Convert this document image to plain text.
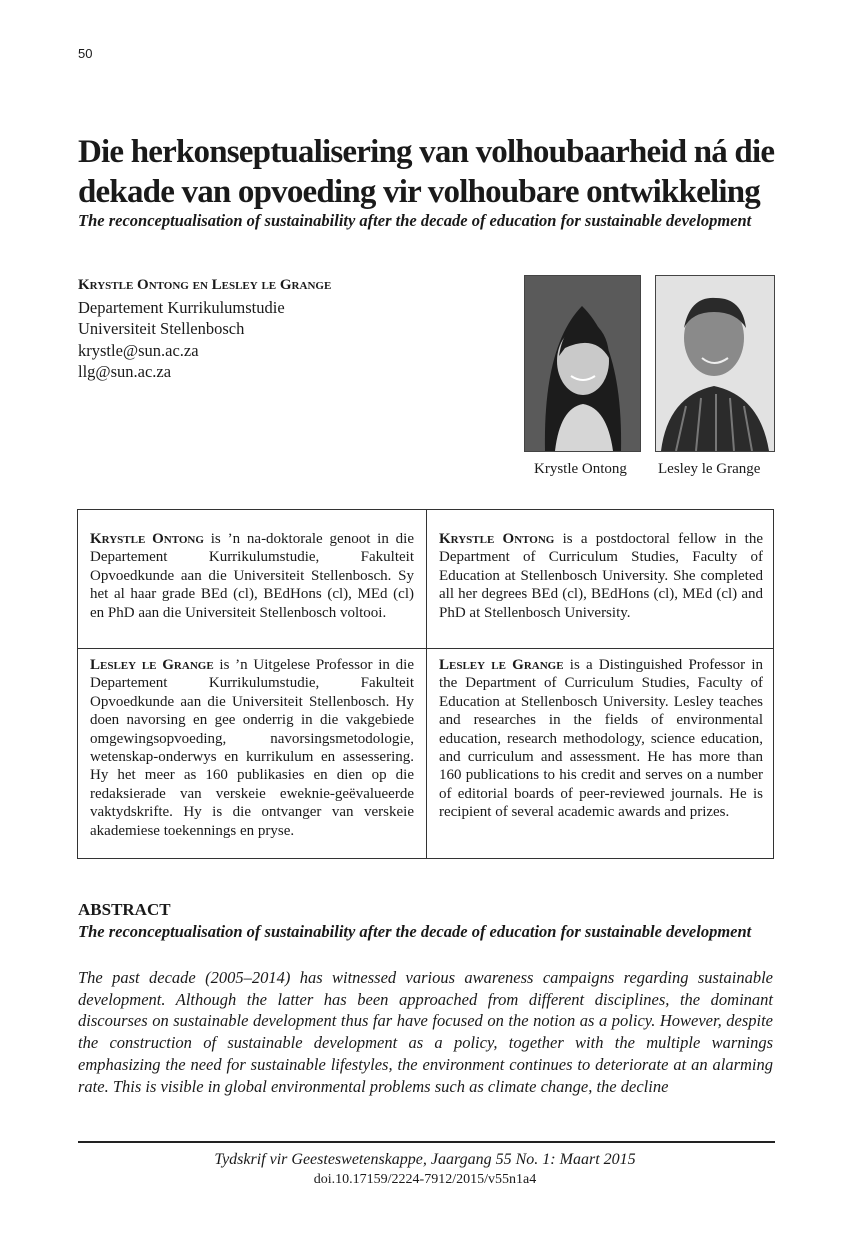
50
Die herkonseptualisering van volhoubaarheid ná die dekade van opvoeding vir volhoubare ontwikkeling

The reconceptualisation of sustainability after the decade of education for sustainable development

Krystle Ontong en Lesley le Grange
Departement Kurrikulumstudie
Universiteit Stellenbosch
krystle@sun.ac.za
llg@sun.ac.za
Krystle Ontong Lesley le Grange
Krystle Ontong is ’n na-doktorale genoot in die Departement Kurrikulumstudie, Fakulteit Opvoedkunde aan die Universiteit Stellenbosch. Sy het al haar grade BEd (cl), BEdHons (cl), MEd (cl) en PhD aan die Universiteit Stellenbosch voltooi.
Krystle Ontong is a postdoctoral fellow in the Department of Curriculum Studies, Faculty of Education at Stellenbosch University. She completed all her degrees BEd (cl), BEdHons (cl), MEd (cl) and PhD at Stellenbosch University.
Lesley le Grange is ’n Uitgelese Professor in die Departement Kurrikulumstudie, Fakulteit Opvoedkunde aan die Universiteit Stellenbosch. Hy doen navorsing en gee onderrig in die vakgebiede omgewingsopvoeding, navorsingsmetodologie, wetenskap-onderwys en kurrikulum en assessering. Hy het meer as 160 publikasies en dien op die redaksierade van verskeie eweknie-geëvalueerde vaktydskrifte. Hy is die ontvanger van verskeie akademiese toekennings en pryse.
Lesley le Grange is a Distinguished Professor in the Department of Curriculum Studies, Faculty of Education at Stellenbosch University. Lesley teaches and researches in the fields of environmental education, research methodology, science education, and curriculum and assessment. He has more than 160 publications to his credit and serves on a number of editorial boards of peer-reviewed journals. He is recipient of several academic awards and prizes.
ABSTRACT
The reconceptualisation of sustainability after the decade of education for sustainable development
The past decade (2005–2014) has witnessed various awareness campaigns regarding sustainable development. Although the latter has been approached from different disciplines, the dominant discourses on sustainable development thus far have focused on the notion as a policy. However, despite the construction of sustainable development as a policy, together with the multiple warnings emphasizing the need for sustainable lifestyles, the environment continues to deteriorate at an alarming rate. This is visible in global environmental problems such as climate change, the decline
Tydskrif vir Geesteswetenskappe, Jaargang 55 No. 1: Maart 2015
doi.10.17159/2224-7912/2015/v55n1a4
